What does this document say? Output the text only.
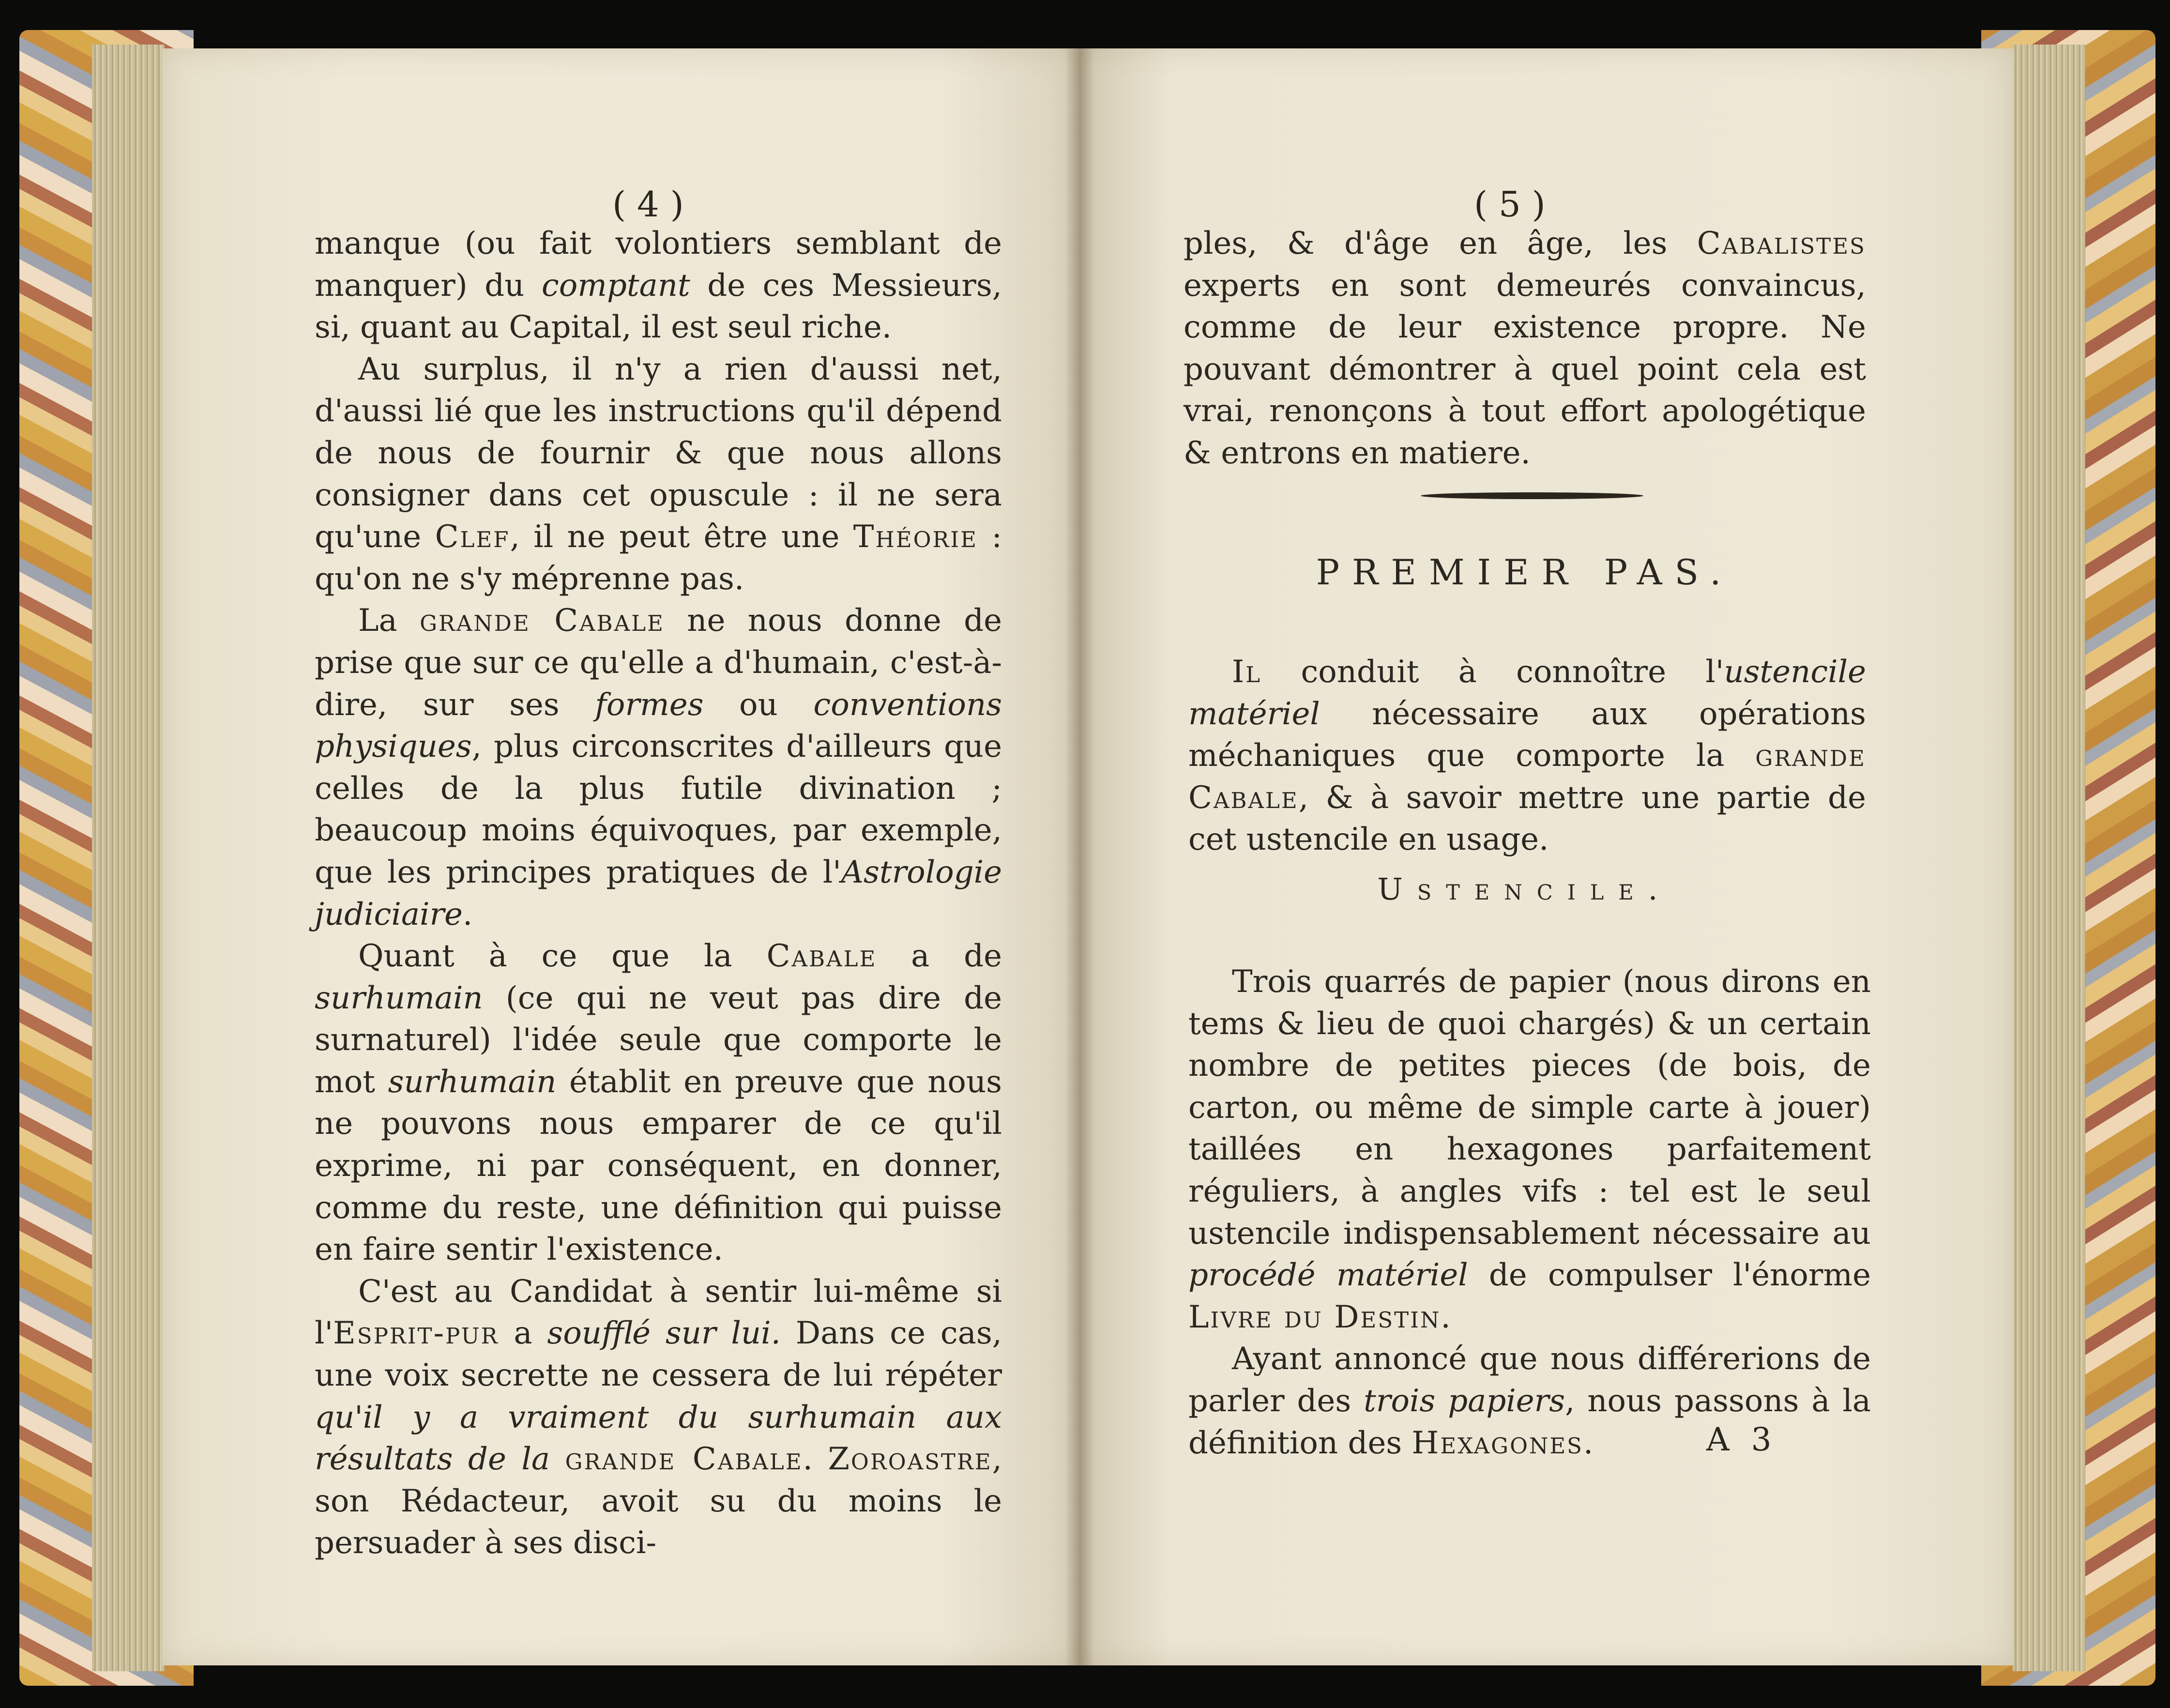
( 4 )	( 5 )

manque (ou fait volontiers semblant de manquer) du comptant de ces Messieurs, si, quant au Capital, il est seul riche.

Au surplus, il n'y a rien d'aussi net, d'aussi lié que les instructions qu'il dépend de nous de fournir & que nous allons consigner dans cet opuscule : il ne sera qu'une Clef, il ne peut être une Théorie : qu'on ne s'y méprenne pas.

La grande Cabale ne nous donne de prise que sur ce qu'elle a d'humain, c'est-à-dire, sur ses formes ou conventions physiques, plus circonscrites d'ailleurs que celles de la plus futile divination ; beaucoup moins équivoques, par exemple, que les principes pratiques de l'Astrologie judiciaire.

Quant à ce que la Cabale a de surhumain (ce qui ne veut pas dire de surnaturel) l'idée seule que comporte le mot surhumain établit en preuve que nous ne pouvons nous emparer de ce qu'il exprime, ni par conséquent, en donner, comme du reste, une définition qui puisse en faire sentir l'existence.

C'est au Candidat à sentir lui-même si l'Esprit-pur a soufflé sur lui. Dans ce cas, une voix secrette ne cessera de lui répéter qu'il y a vraiment du surhumain aux résultats de la grande Cabale. Zoroastre, son Rédacteur, avoit su du moins le persuader à ses disci-

ples, & d'âge en âge, les Cabalistes experts en sont demeurés convaincus, comme de leur existence propre. Ne pouvant démontrer à quel point cela est vrai, renonçons à tout effort apologétique & entrons en matiere.

PREMIER PAS.
Il conduit à connoître l'ustencile matériel nécessaire aux opérations méchaniques que comporte la grande Cabale, & à savoir mettre une partie de cet ustencile en usage.
Ustencile.

Trois quarrés de papier (nous dirons en tems & lieu de quoi chargés) & un certain nombre de petites pieces (de bois, de carton, ou même de simple carte à jouer) taillées en hexagones parfaitement réguliers, à angles vifs : tel est le seul ustencile indispensablement nécessaire au procédé matériel de compulser l'énorme Livre du Destin.

Ayant annoncé que nous différerions de parler des trois papiers, nous passons à la définition des Hexagones.	A 3
